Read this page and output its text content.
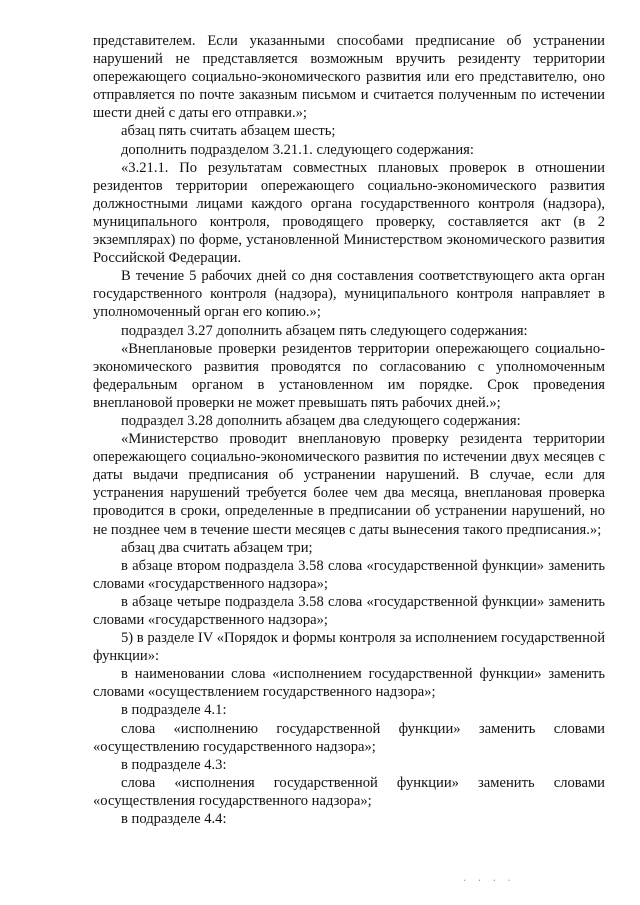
представителем. Если указанными способами предписание об устранении нарушений не представляется возможным вручить резиденту территории опережающего социально-экономического развития или его представителю, оно отправляется по почте заказным письмом и считается полученным по истечении шести дней с даты его отправки.»;

абзац пять считать абзацем шесть;

дополнить подразделом 3.21.1. следующего содержания:

«3.21.1. По результатам совместных плановых проверок в отношении резидентов территории опережающего социально-экономического развития должностными лицами каждого органа государственного контроля (надзора), муниципального контроля, проводящего проверку, составляется акт (в 2 экземплярах) по форме, установленной Министерством экономического развития Российской Федерации.

В течение 5 рабочих дней со дня составления соответствующего акта орган государственного контроля (надзора), муниципального контроля направляет в уполномоченный орган его копию.»;

подраздел 3.27 дополнить абзацем пять следующего содержания:

«Внеплановые проверки резидентов территории опережающего социально-экономического развития проводятся по согласованию с уполномоченным федеральным органом в установленном им порядке. Срок проведения внеплановой проверки не может превышать пять рабочих дней.»;

подраздел 3.28 дополнить абзацем два следующего содержания:

«Министерство проводит внеплановую проверку резидента территории опережающего социально-экономического развития по истечении двух месяцев с даты выдачи предписания об устранении нарушений. В случае, если для устранения нарушений требуется более чем два месяца, внеплановая проверка проводится в сроки, определенные в предписании об устранении нарушений, но не позднее чем в течение шести месяцев с даты вынесения такого предписания.»;

абзац два считать абзацем три;

в абзаце втором подраздела 3.58 слова «государственной функции» заменить словами «государственного надзора»;

в абзаце четыре подраздела 3.58 слова «государственной функции» заменить словами «государственного надзора»;

5) в разделе IV «Порядок и формы контроля за исполнением государственной функции»:

в наименовании слова «исполнением государственной функции» заменить словами «осуществлением государственного надзора»;

в подразделе 4.1:

слова «исполнению государственной функции» заменить словами «осуществлению государственного надзора»;

в подразделе 4.3:

слова «исполнения государственной функции» заменить словами «осуществления государственного надзора»;

в подразделе 4.4:

· · · ·
